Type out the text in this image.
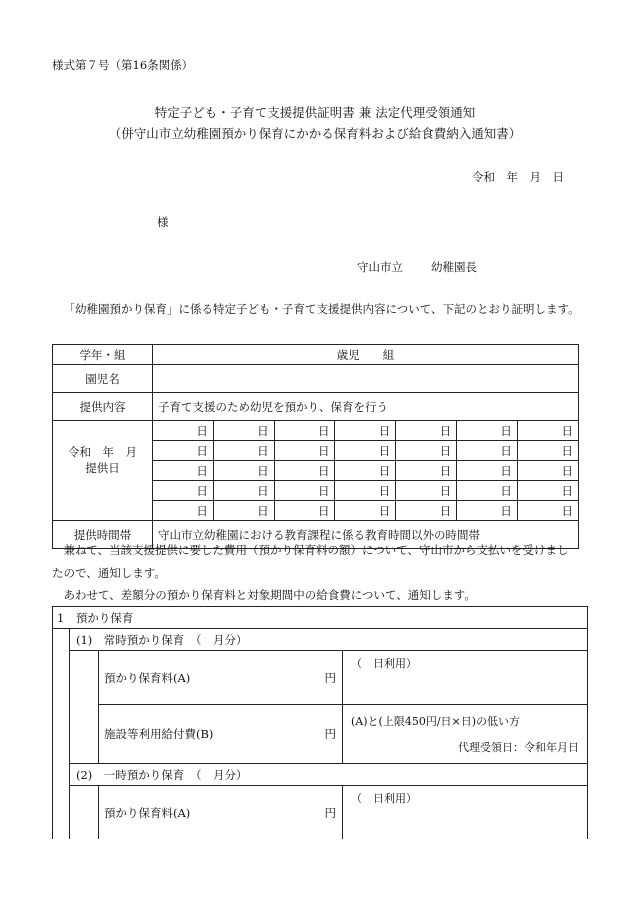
様式第７号（第16条関係）
特定子ども・子育て支援提供証明書 兼 法定代理受領通知
（併守山市立幼稚園預かり保育にかかる保育料および給食費納入通知書）
令和　年　月　日
様
守山市立 幼稚園長
「幼稚園預かり保育」に係る特定子ども・子育て支援提供内容について、下記のとおり証明します。
学年・組	歳児　　組						
園児名							
提供内容	子育て支援のため幼児を預かり、保育を行う						

令和　年　月
提供日	日	日	日	日	日	日	日
	日	日	日	日	日	日	日
	日	日	日	日	日	日	日
	日	日	日	日	日	日	日
	日	日	日	日	日	日	日
提供時間帯	守山市立幼稚園における教育課程に係る教育時間以外の時間帯						
兼ねて、当該支援提供に要した費用（預かり保育料の額）について、守山市から支払いを受けましたので、通知します。
あわせて、差額分の預かり保育料と対象期間中の給食費について、通知します。
1　預かり保育			
	(1)　常時預かり保育　（　月分）		
		預かり保育料(A) 円	（　日利用）
		施設等利用給付費(B) 円	(A)と(上限450円/日×日)の低い方
代理受領日：令和年月日

	(2)　一時預かり保育　（　月分）		
		預かり保育料(A) 円	（　日利用）
